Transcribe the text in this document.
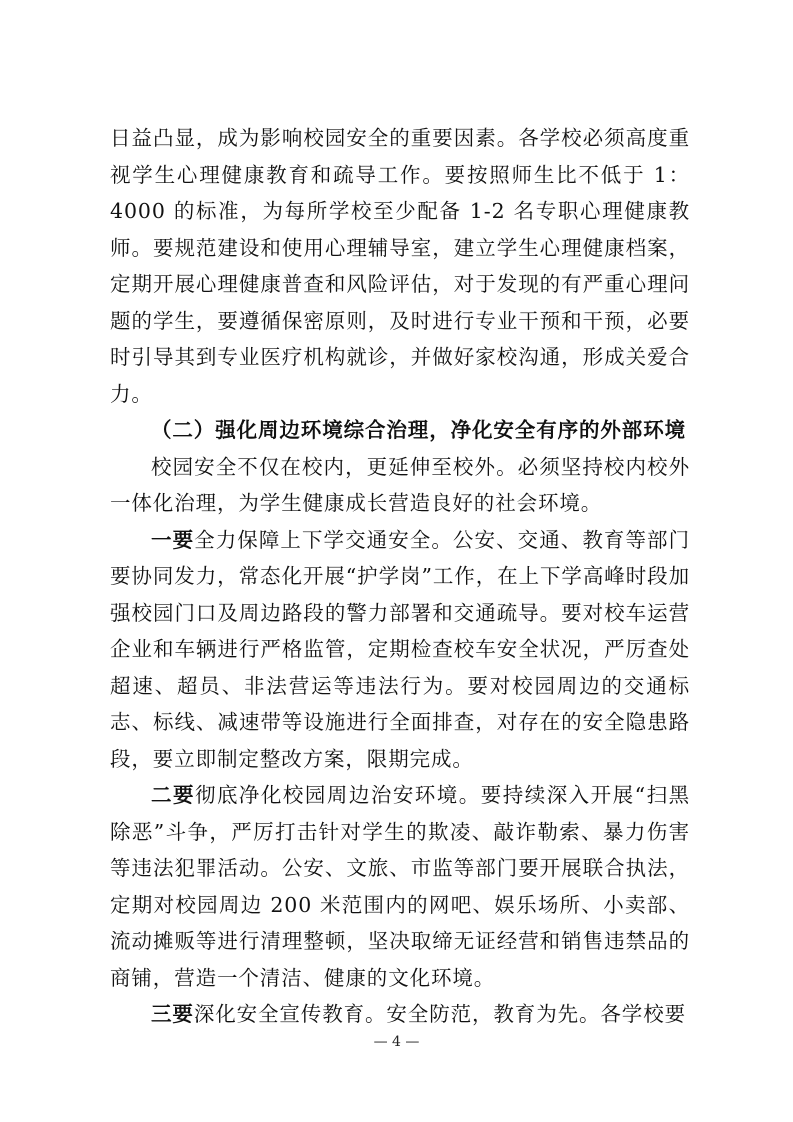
日益凸显，成为影响校园安全的重要因素。各学校必须高度重视学生心理健康教育和疏导工作。要按照师生比不低于 1：4000 的标准，为每所学校至少配备 1-2 名专职心理健康教师。要规范建设和使用心理辅导室，建立学生心理健康档案，定期开展心理健康普查和风险评估，对于发现的有严重心理问题的学生，要遵循保密原则，及时进行专业干预和干预，必要时引导其到专业医疗机构就诊，并做好家校沟通，形成关爱合力。

（二）强化周边环境综合治理，净化安全有序的外部环境

校园安全不仅在校内，更延伸至校外。必须坚持校内校外一体化治理，为学生健康成长营造良好的社会环境。

一要全力保障上下学交通安全。公安、交通、教育等部门要协同发力，常态化开展“护学岗”工作，在上下学高峰时段加强校园门口及周边路段的警力部署和交通疏导。要对校车运营企业和车辆进行严格监管，定期检查校车安全状况，严厉查处超速、超员、非法营运等违法行为。要对校园周边的交通标志、标线、减速带等设施进行全面排查，对存在的安全隐患路段，要立即制定整改方案，限期完成。

二要彻底净化校园周边治安环境。要持续深入开展“扫黑除恶”斗争，严厉打击针对学生的欺凌、敲诈勒索、暴力伤害等违法犯罪活动。公安、文旅、市监等部门要开展联合执法，定期对校园周边 200 米范围内的网吧、娱乐场所、小卖部、流动摊贩等进行清理整顿，坚决取缔无证经营和销售违禁品的商铺，营造一个清洁、健康的文化环境。

三要深化安全宣传教育。安全防范，教育为先。各学校要

— 4 —
